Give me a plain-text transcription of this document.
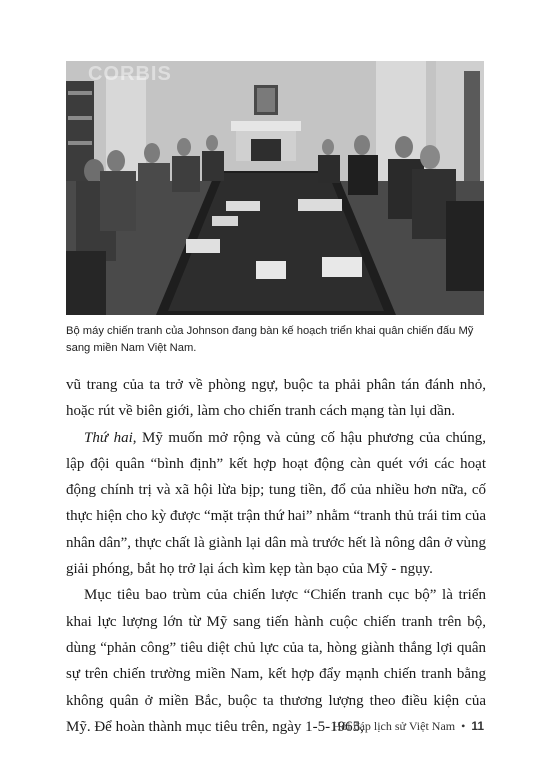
CORBIS
Bộ máy chiến tranh của Johnson đang bàn kế hoạch triển khai quân chiến đấu Mỹ sang miền Nam Việt Nam.

vũ trang của ta trở về phòng ngự, buộc ta phải phân tán đánh nhỏ, hoặc rút về biên giới, làm cho chiến tranh cách mạng tàn lụi dần.

Thứ hai, Mỹ muốn mở rộng và củng cố hậu phương của chúng, lập đội quân “bình định” kết hợp hoạt động càn quét với các hoạt động chính trị và xã hội lừa bịp; tung tiền, đổ của nhiều hơn nữa, cố thực hiện cho kỳ được “mặt trận thứ hai” nhằm “tranh thủ trái tim của nhân dân”, thực chất là giành lại dân mà trước hết là nông dân ở vùng giải phóng, bắt họ trở lại ách kìm kẹp tàn bạo của Mỹ - ngụy.

Mục tiêu bao trùm của chiến lược “Chiến tranh cục bộ” là triển khai lực lượng lớn từ Mỹ sang tiến hành cuộc chiến tranh trên bộ, dùng “phản công” tiêu diệt chủ lực của ta, hòng giành thắng lợi quân sự trên chiến trường miền Nam, kết hợp đẩy mạnh chiến tranh bằng không quân ở miền Bắc, buộc ta thương lượng theo điều kiện của Mỹ. Để hoàn thành mục tiêu trên, ngày 1-5-1965,

Hỏi đáp lịch sử Việt Nam • 11
